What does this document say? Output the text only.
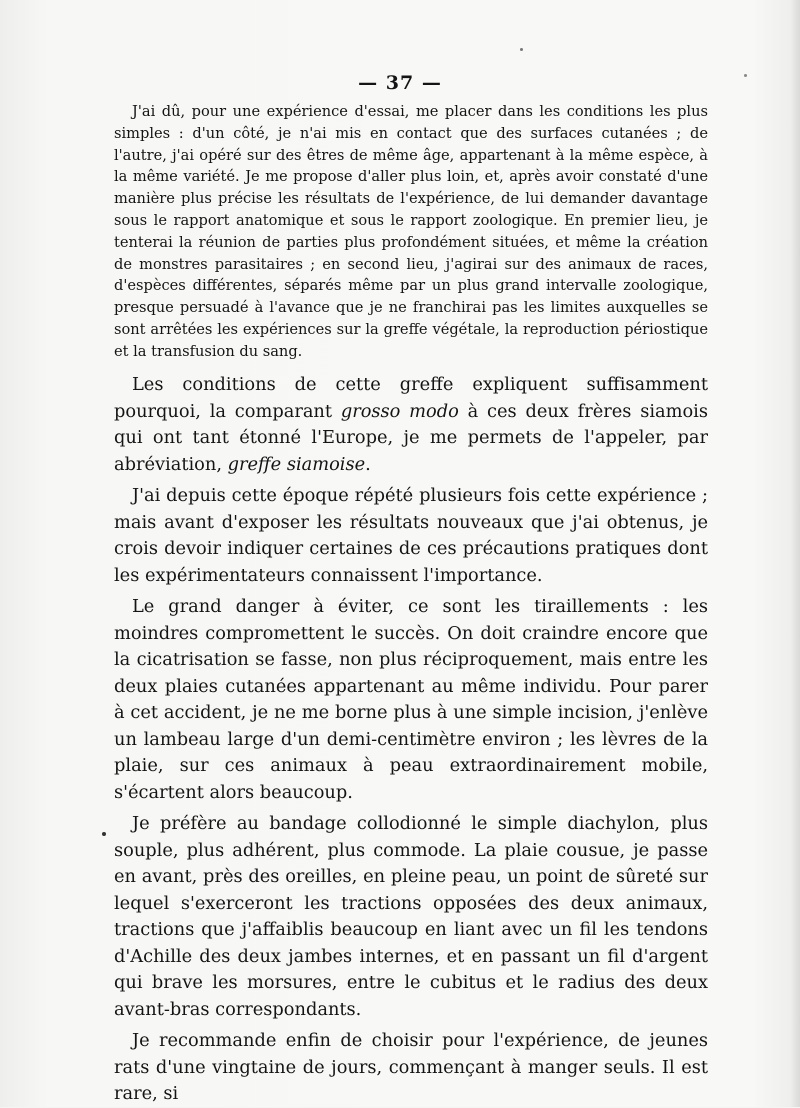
— 37 —

J'ai dû, pour une expérience d'essai, me placer dans les conditions les plus simples : d'un côté, je n'ai mis en contact que des surfaces cutanées ; de l'autre, j'ai opéré sur des êtres de même âge, appartenant à la même espèce, à la même variété. Je me propose d'aller plus loin, et, après avoir constaté d'une manière plus précise les résultats de l'expérience, de lui demander davantage sous le rapport anatomique et sous le rapport zoologique. En premier lieu, je tenterai la réunion de parties plus profondément situées, et même la création de monstres parasitaires ; en second lieu, j'agirai sur des animaux de races, d'espèces différentes, séparés même par un plus grand intervalle zoologique, presque persuadé à l'avance que je ne franchirai pas les limites auxquelles se sont arrêtées les expériences sur la greffe végétale, la reproduction périostique et la transfusion du sang.

Les conditions de cette greffe expliquent suffisamment pourquoi, la comparant grosso modo à ces deux frères siamois qui ont tant étonné l'Europe, je me permets de l'appeler, par abréviation, greffe siamoise.

J'ai depuis cette époque répété plusieurs fois cette expérience ; mais avant d'exposer les résultats nouveaux que j'ai obtenus, je crois devoir indiquer certaines de ces précautions pratiques dont les expérimentateurs connaissent l'importance.

Le grand danger à éviter, ce sont les tiraillements : les moindres compromettent le succès. On doit craindre encore que la cicatrisation se fasse, non plus réciproquement, mais entre les deux plaies cutanées appartenant au même individu. Pour parer à cet accident, je ne me borne plus à une simple incision, j'enlève un lambeau large d'un demi-centimètre environ ; les lèvres de la plaie, sur ces animaux à peau extraordinairement mobile, s'écartent alors beaucoup.

Je préfère au bandage collodionné le simple diachylon, plus souple, plus adhérent, plus commode. La plaie cousue, je passe en avant, près des oreilles, en pleine peau, un point de sûreté sur lequel s'exerceront les tractions opposées des deux animaux, tractions que j'affaiblis beaucoup en liant avec un fil les tendons d'Achille des deux jambes internes, et en passant un fil d'argent qui brave les morsures, entre le cubitus et le radius des deux avant-bras correspondants.

Je recommande enfin de choisir pour l'expérience, de jeunes rats d'une vingtaine de jours, commençant à manger seuls. Il est rare, si
